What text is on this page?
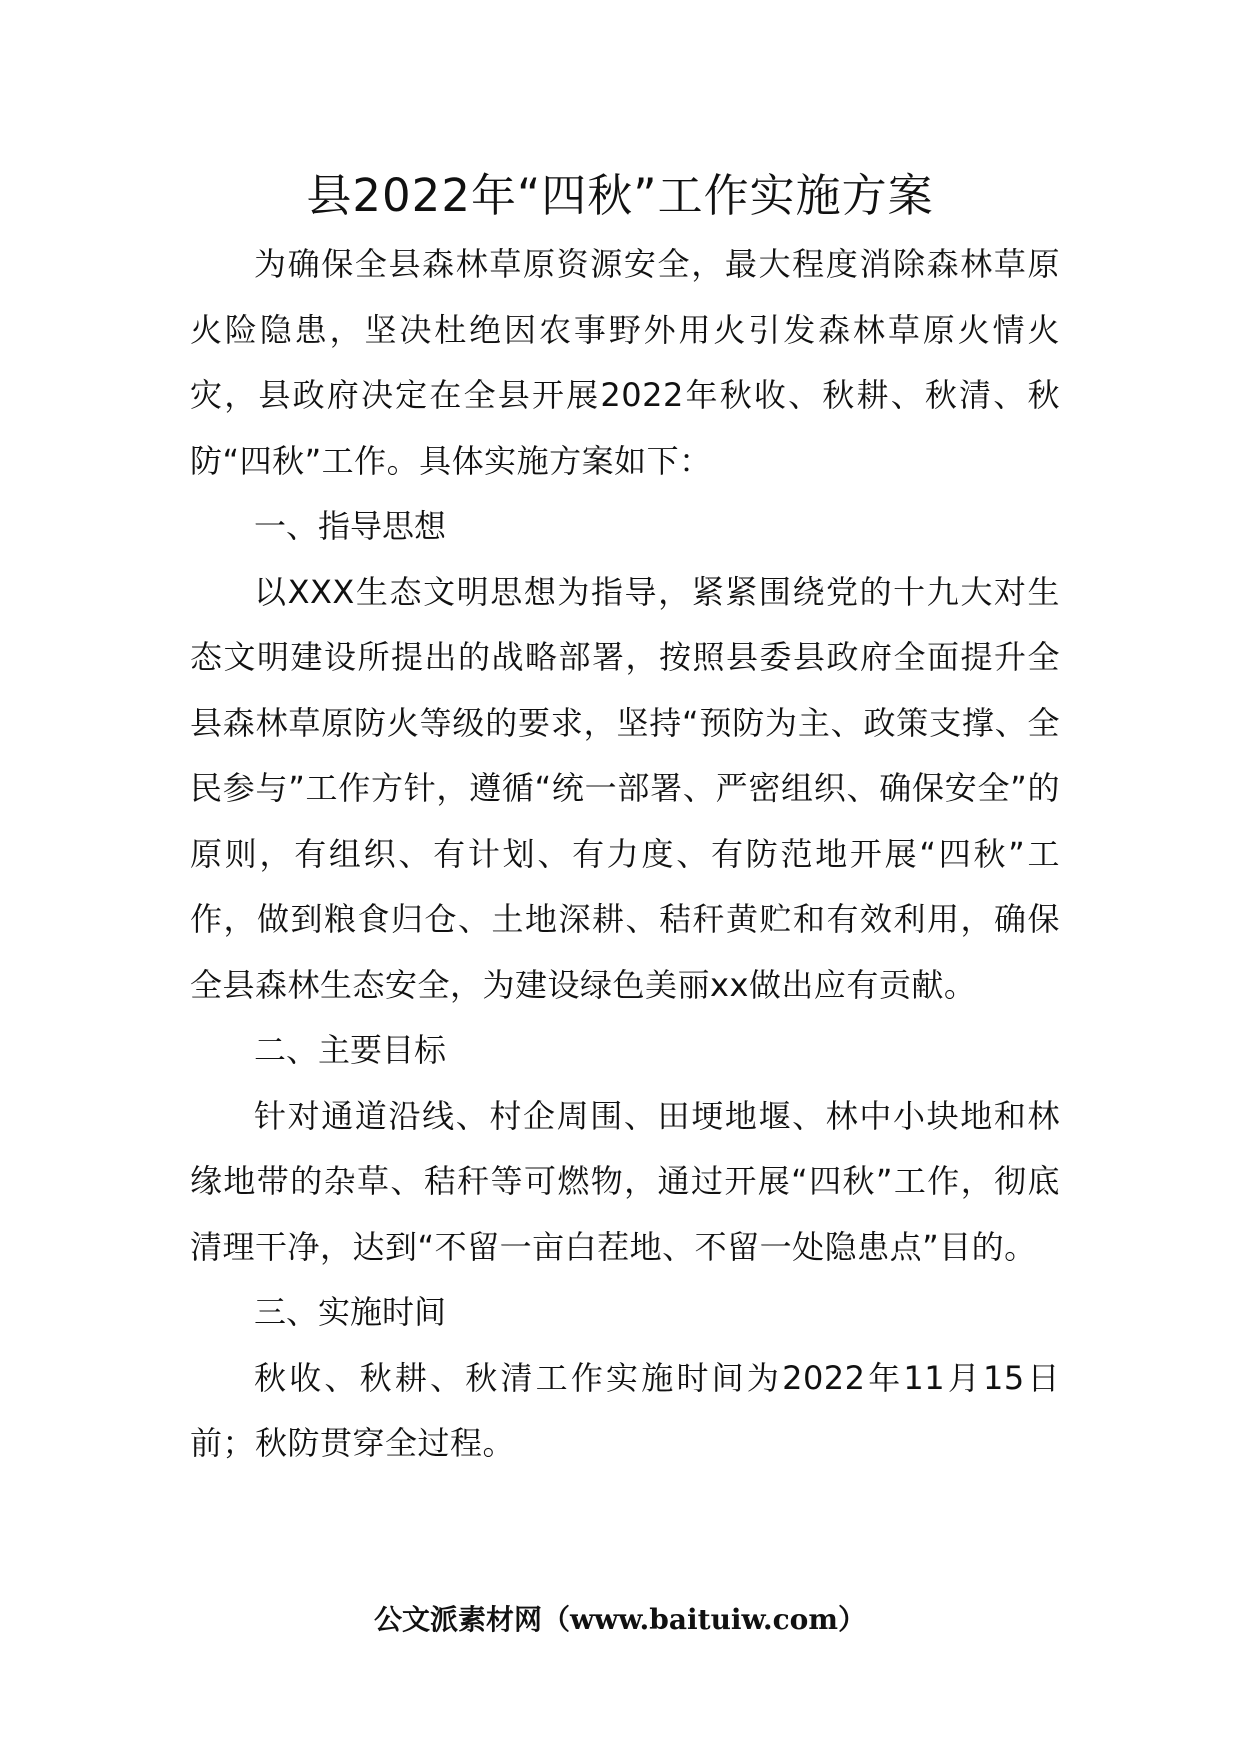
县2022年“四秋”工作实施方案

为确保全县森林草原资源安全，最大程度消除森林草原火险隐患，坚决杜绝因农事野外用火引发森林草原火情火灾，县政府决定在全县开展2022年秋收、秋耕、秋清、秋防“四秋”工作。具体实施方案如下：

一、指导思想

以XXX生态文明思想为指导，紧紧围绕党的十九大对生态文明建设所提出的战略部署，按照县委县政府全面提升全县森林草原防火等级的要求，坚持“预防为主、政策支撑、全民参与”工作方针，遵循“统一部署、严密组织、确保安全”的原则，有组织、有计划、有力度、有防范地开展“四秋”工作，做到粮食归仓、土地深耕、秸秆黄贮和有效利用，确保全县森林生态安全，为建设绿色美丽xx做出应有贡献。

二、主要目标

针对通道沿线、村企周围、田埂地堰、林中小块地和林缘地带的杂草、秸秆等可燃物，通过开展“四秋”工作，彻底清理干净，达到“不留一亩白茬地、不留一处隐患点”目的。

三、实施时间

秋收、秋耕、秋清工作实施时间为2022年11月15日前；秋防贯穿全过程。

公文派素材网（www.baituiw.com）
